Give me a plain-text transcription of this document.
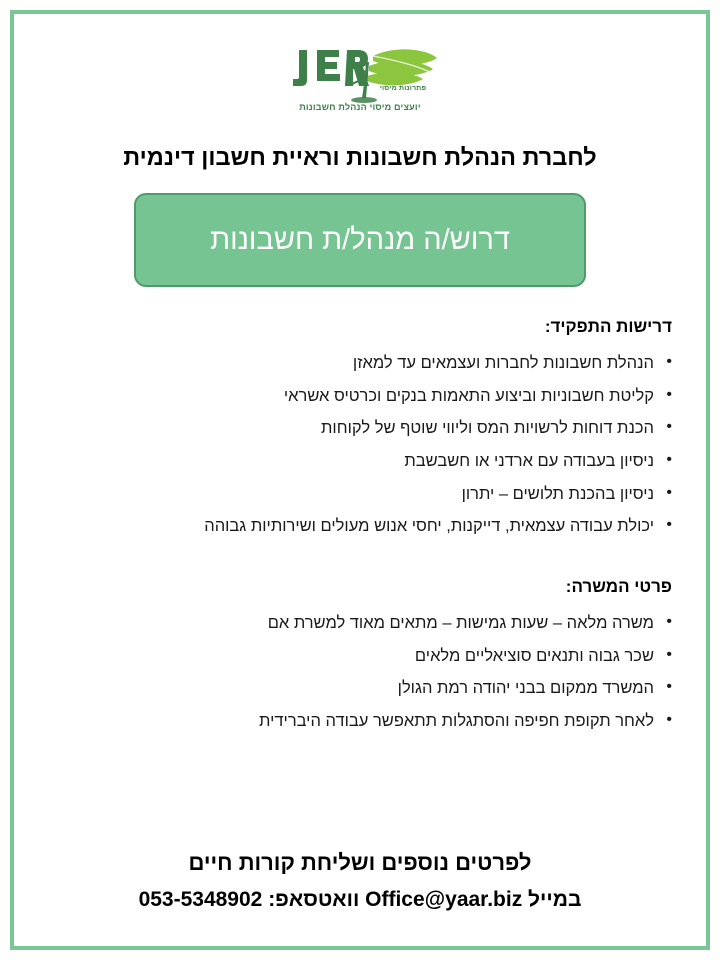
פתרונות מיסוי
יועצים מיסוי הנהלת חשבונות
לחברת הנהלת חשבונות וראיית חשבון דינמית
דרוש/ה מנהל/ת חשבונות
דרישות התפקיד:
• הנהלת חשבונות לחברות ועצמאים עד למאזן
• קליטת חשבוניות וביצוע התאמות בנקים וכרטיס אשראי
• הכנת דוחות לרשויות המס וליווי שוטף של לקוחות
• ניסיון בעבודה עם ארדני או חשבשבת
• ניסיון בהכנת תלושים – יתרון
• יכולת עבודה עצמאית, דייקנות, יחסי אנוש מעולים ושירותיות גבוהה
פרטי המשרה:
• משרה מלאה – שעות גמישות – מתאים מאוד למשרת אם
• שכר גבוה ותנאים סוציאליים מלאים
• המשרד ממקום בבני יהודה רמת הגולן
• לאחר תקופת חפיפה והסתגלות תתאפשר עבודה היברידית
לפרטים נוספים ושליחת קורות חיים
במייל Office@yaar.biz וואטסאפ: 053-5348902
